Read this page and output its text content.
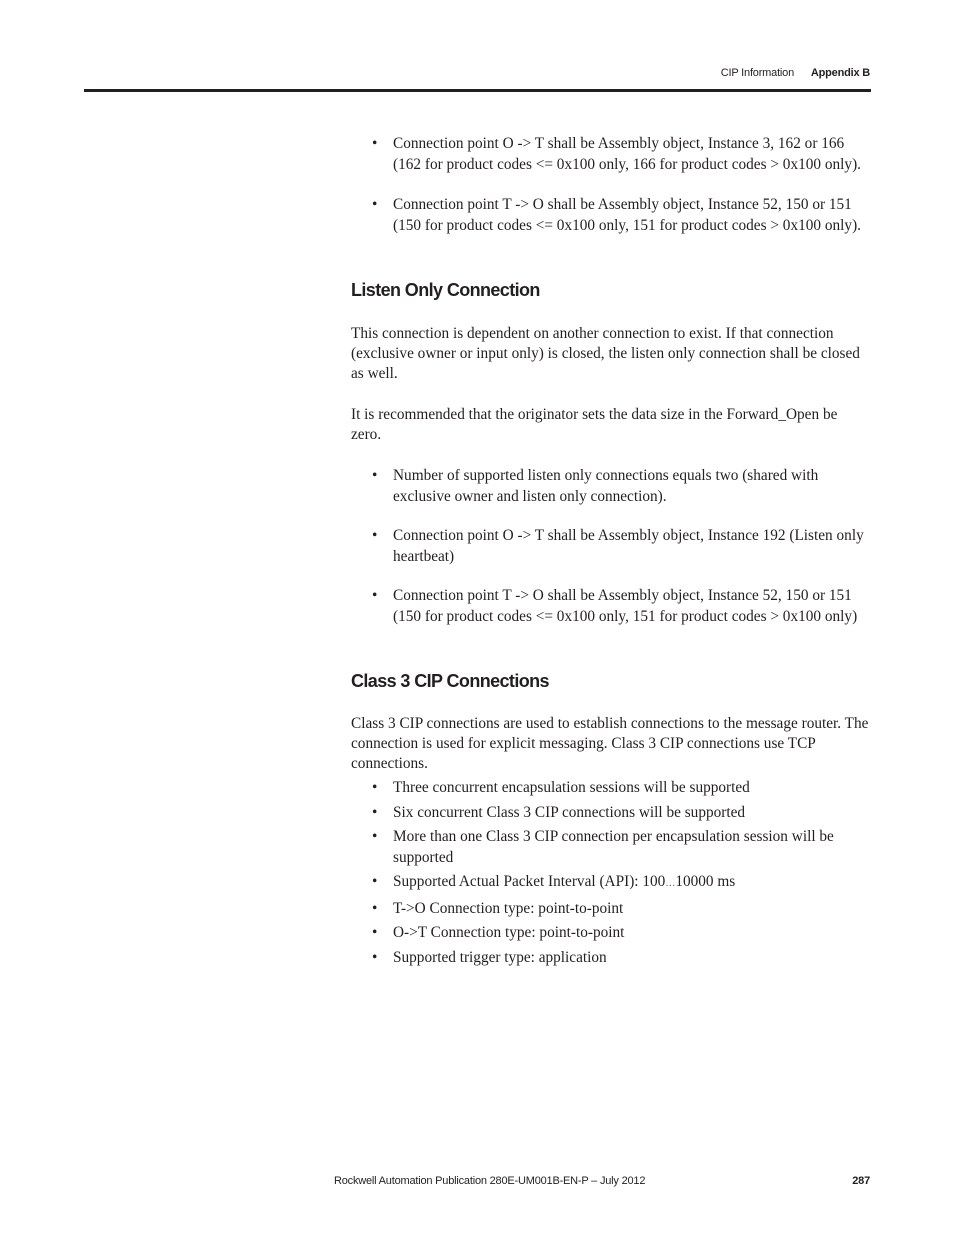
CIP Information Appendix B
• Connection point O -> T shall be Assembly object, Instance 3, 162 or 166 (162 for product codes <= 0x100 only, 166 for product codes > 0x100 only).
• Connection point T -> O shall be Assembly object, Instance 52, 150 or 151 (150 for product codes <= 0x100 only, 151 for product codes > 0x100 only).
Listen Only Connection

This connection is dependent on another connection to exist. If that connection (exclusive owner or input only) is closed, the listen only connection shall be closed as well.

It is recommended that the originator sets the data size in the Forward_Open be zero.

• Number of supported listen only connections equals two (shared with exclusive owner and listen only connection).
• Connection point O -> T shall be Assembly object, Instance 192 (Listen only heartbeat)
• Connection point T -> O shall be Assembly object, Instance 52, 150 or 151 (150 for product codes <= 0x100 only, 151 for product codes > 0x100 only)
Class 3 CIP Connections

Class 3 CIP connections are used to establish connections to the message router. The connection is used for explicit messaging. Class 3 CIP connections use TCP connections.

• Three concurrent encapsulation sessions will be supported
• Six concurrent Class 3 CIP connections will be supported
• More than one Class 3 CIP connection per encapsulation session will be supported
• Supported Actual Packet Interval (API): 100…10000 ms
• T->O Connection type: point-to-point
• O->T Connection type: point-to-point
• Supported trigger type: application
Rockwell Automation Publication 280E-UM001B-EN-P – July 2012	287
